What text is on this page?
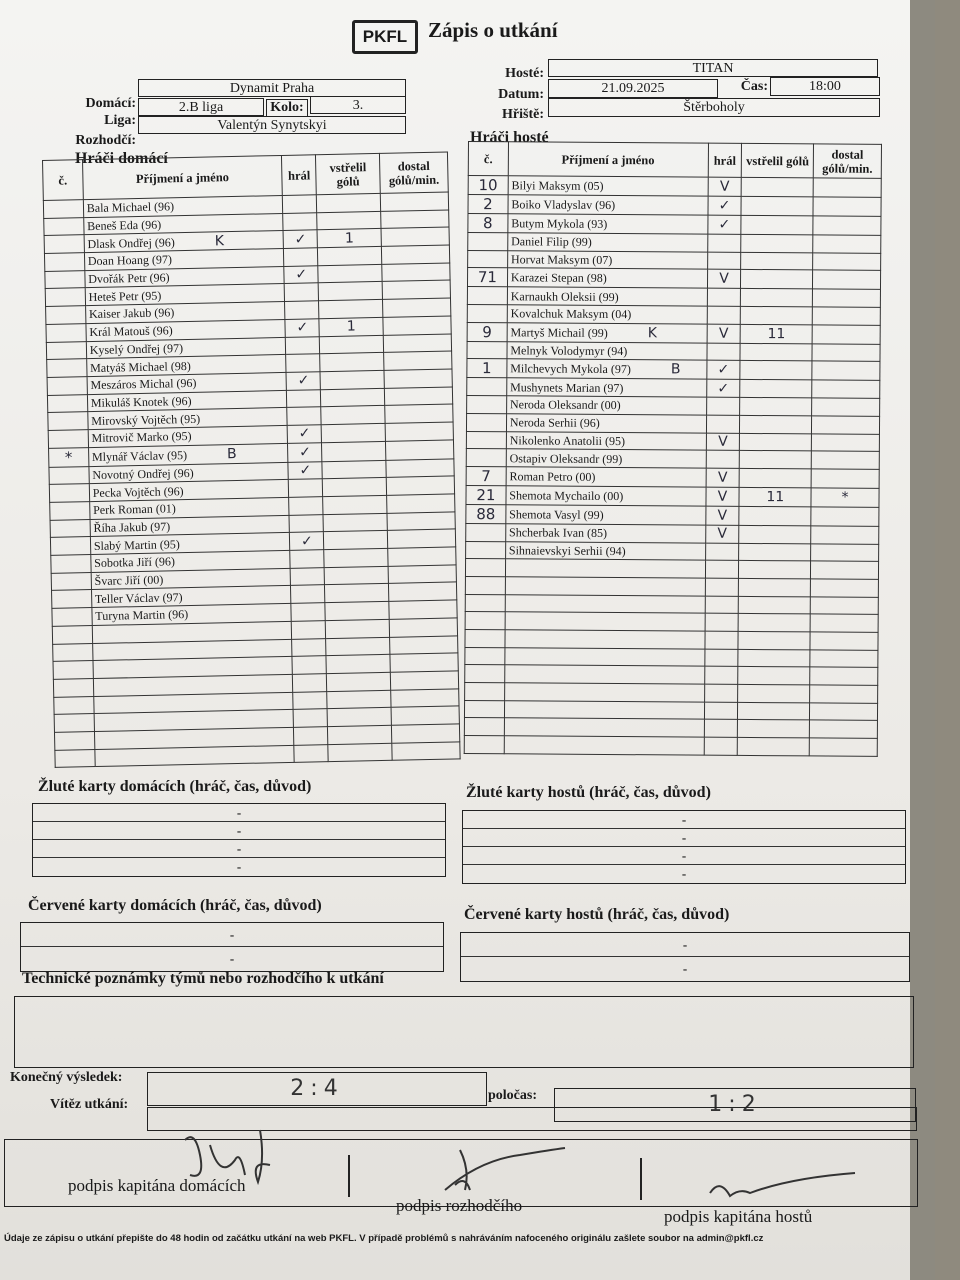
PKFL Zápis o utkání
Domácí:
Dynamit Praha
Liga:
2.B liga	Kolo:	3.
Rozhodčí:
Valentýn Synytskyi
Hosté:	TITAN
Datum:	21.09.2025	Čas:	18:00
Hřiště:	Štěrboholy
Hráči domácí
Hráči hosté
č.	Příjmení a jméno	hrál	vstřelil gólů	dostal gólů/min.
	Bala Michael (96)			
	Beneš Eda (96)			
	Dlask Ondřej (96) K	✓	1	
	Doan Hoang (97)			
	Dvořák Petr (96)	✓		
	Heteš Petr (95)			
	Kaiser Jakub (96)			
	Král Matouš (96)	✓	1	
	Kyselý Ondřej (97)			
	Matyáš Michael (98)			
	Meszáros Michal (96)	✓		
	Mikuláš Knotek (96)			
	Mirovský Vojtěch (95)			
	Mitrovič Marko (95)	✓		
*	Mlynář Václav (95) B	✓		
	Novotný Ondřej (96)	✓		
	Pecka Vojtěch (96)			
	Perk Roman (01)			
	Říha Jakub (97)			
	Slabý Martin (95)	✓		
	Sobotka Jiří (96)			
	Švarc Jiří (00)			
	Teller Václav (97)			
	Turyna Martin (96)			

č.	Příjmení a jméno	hrál	vstřelil gólů	dostal gólů/min.
10	Bilyi Maksym (05)	V		
2	Boiko Vladyslav (96)	✓		
8	Butym Mykola (93)	✓		
	Daniel Filip (99)			
	Horvat Maksym (07)			
71	Karazei Stepan (98)	V		
	Karnaukh Oleksii (99)			
	Kovalchuk Maksym (04)			
9	Martyš Michail (99) K	V	11	
	Melnyk Volodymyr (94)			
1	Milchevych Mykola (97) B	✓		
	Mushynets Marian (97)	✓		
	Neroda Oleksandr (00)			
	Neroda Serhii (96)			
	Nikolenko Anatolii (95)	V		
	Ostapiv Oleksandr (99)			
7	Roman Petro (00)	V		
21	Shemota Mychailo (00)	V	11	*
88	Shemota Vasyl (99)	V		
	Shcherbak Ivan (85)	V		
	Sihnaievskyi Serhii (94)			

Žluté karty domácích (hráč, čas, důvod)
-
-
-
-
Žluté karty hostů (hráč, čas, důvod)
-
-
-
-
Červené karty domácích (hráč, čas, důvod)
-
-
Červené karty hostů (hráč, čas, důvod)
-
-
Technické poznámky týmů nebo rozhodčího k utkání
Konečný výsledek:	2:4	poločas:	1:2
Vítěz utkání:
podpis kapitána domácích
podpis rozhodčího
podpis kapitána hostů
Údaje ze zápisu o utkání přepište do 48 hodin od začátku utkání na web PKFL. V případě problémů s nahráváním nafoceného originálu zašlete soubor na admin@pkfl.cz
